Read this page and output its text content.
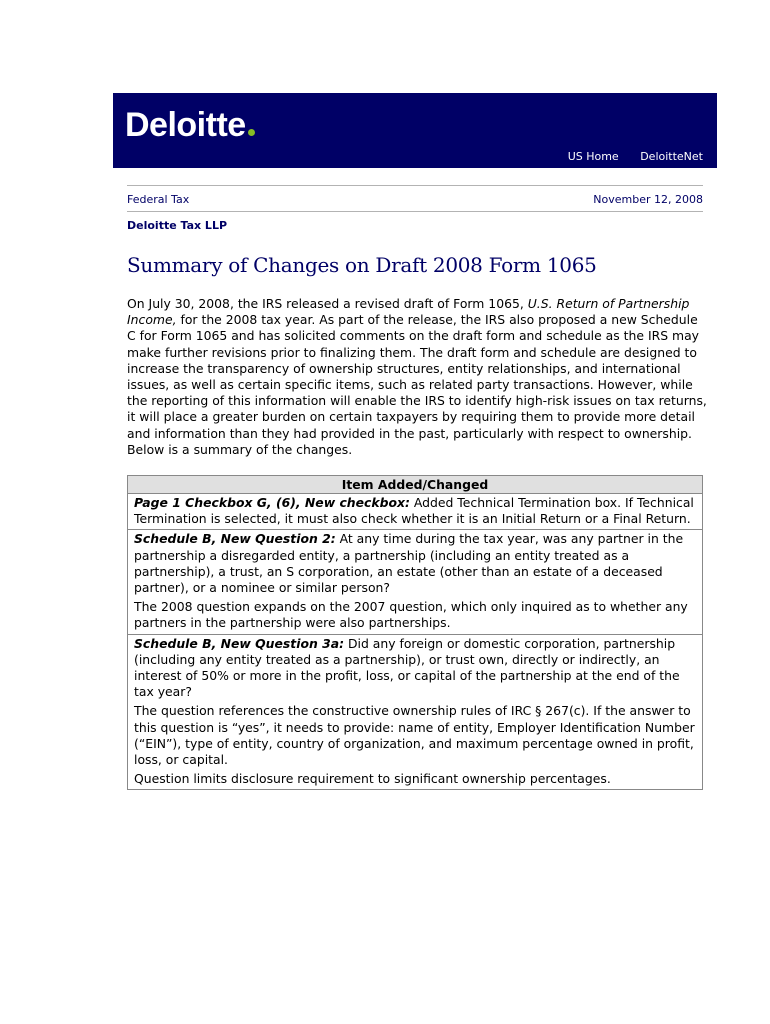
Deloitte
US Home DeloitteNet
Federal Tax	November 12, 2008
Deloitte Tax LLP
Summary of Changes on Draft 2008 Form 1065
On July 30, 2008, the IRS released a revised draft of Form 1065, U.S. Return of Partnership Income, for the 2008 tax year. As part of the release, the IRS also proposed a new Schedule C for Form 1065 and has solicited comments on the draft form and schedule as the IRS may make further revisions prior to finalizing them. The draft form and schedule are designed to increase the transparency of ownership structures, entity relationships, and international issues, as well as certain specific items, such as related party transactions. However, while the reporting of this information will enable the IRS to identify high-risk issues on tax returns, it will place a greater burden on certain taxpayers by requiring them to provide more detail and information than they had provided in the past, particularly with respect to ownership. Below is a summary of the changes.
Item Added/Changed

Page 1 Checkbox G, (6), New checkbox: Added Technical Termination box. If Technical Termination is selected, it must also check whether it is an Initial Return or a Final Return.

Schedule B, New Question 2: At any time during the tax year, was any partner in the partnership a disregarded entity, a partnership (including an entity treated as a partnership), a trust, an S corporation, an estate (other than an estate of a deceased partner), or a nominee or similar person?
The 2008 question expands on the 2007 question, which only inquired as to whether any partners in the partnership were also partnerships.

Schedule B, New Question 3a: Did any foreign or domestic corporation, partnership (including any entity treated as a partnership), or trust own, directly or indirectly, an interest of 50% or more in the profit, loss, or capital of the partnership at the end of the tax year?
The question references the constructive ownership rules of IRC § 267(c). If the answer to this question is “yes”, it needs to provide: name of entity, Employer Identification Number (“EIN”), type of entity, country of organization, and maximum percentage owned in profit, loss, or capital.
Question limits disclosure requirement to significant ownership percentages.
